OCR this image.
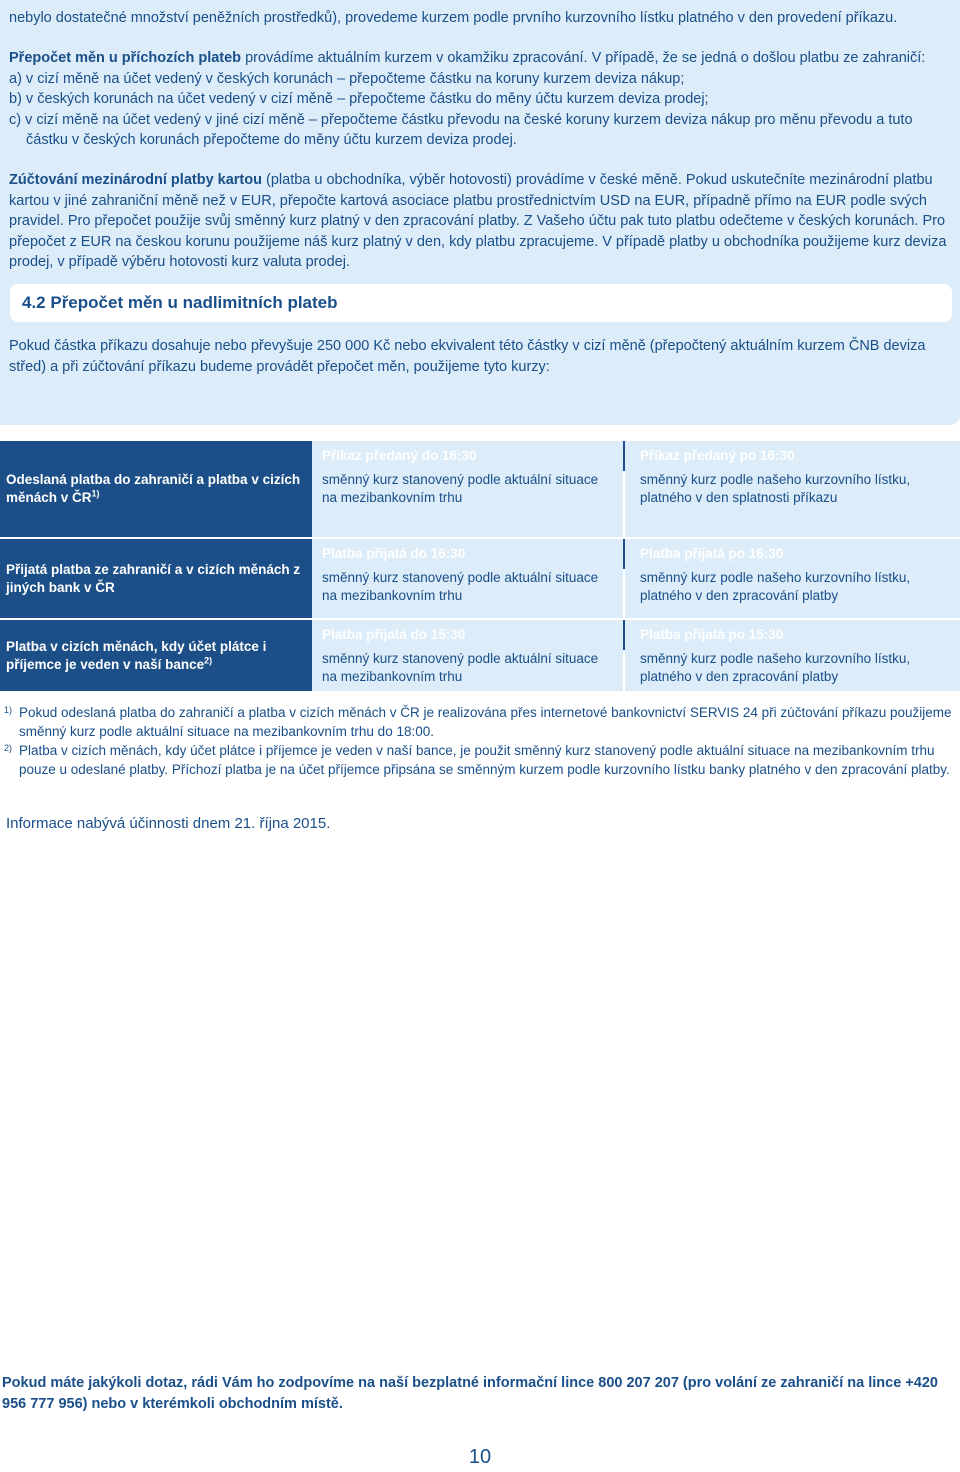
nebylo dostatečné množství peněžních prostředků), provedeme kurzem podle prvního kurzovního lístku platného v den provedení příkazu.

Přepočet měn u příchozích plateb provádíme aktuálním kurzem v okamžiku zpracování. V případě, že se jedná o došlou platbu ze zahraničí:

a) v cizí měně na účet vedený v českých korunách – přepočteme částku na koruny kurzem deviza nákup;

b) v českých korunách na účet vedený v cizí měně – přepočteme částku do měny účtu kurzem deviza prodej;

c) v cizí měně na účet vedený v jiné cizí měně – přepočteme částku převodu na české koruny kurzem deviza nákup pro měnu převodu a tuto částku v českých korunách přepočteme do měny účtu kurzem deviza prodej.

Zúčtování mezinárodní platby kartou (platba u obchodníka, výběr hotovosti) provádíme v české měně. Pokud uskutečníte mezinárodní platbu kartou v jiné zahraniční měně než v EUR, přepočte kartová asociace platbu prostřednictvím USD na EUR, případně přímo na EUR podle svých pravidel. Pro přepočet použije svůj směnný kurz platný v den zpracování platby. Z Vašeho účtu pak tuto platbu odečteme v českých korunách. Pro přepočet z EUR na českou korunu použijeme náš kurz platný v den, kdy platbu zpracujeme. V případě platby u obchodníka použijeme kurz deviza prodej, v případě výběru hotovosti kurz valuta prodej.

4.2 Přepočet měn u nadlimitních plateb

Pokud částka příkazu dosahuje nebo převyšuje 250 000 Kč nebo ekvivalent této částky v cizí měně (přepočtený aktuálním kurzem ČNB deviza střed) a při zúčtování příkazu budeme provádět přepočet měn, použijeme tyto kurzy:

Odeslaná platba do zahraničí a platba v cizích měnách v ČR$^{1)}$
Příkaz předaný do 16:30
směnný kurz stanovený podle aktuální situace na mezibankovním trhu
Příkaz předaný po 16:30
směnný kurz podle našeho kurzovního lístku, platného v den splatnosti příkazu
Přijatá platba ze zahraničí a v cizích měnách z jiných bank v ČR
Platba přijatá do 16:30
směnný kurz stanovený podle aktuální situace na mezibankovním trhu
Platba přijatá po 16:30
směnný kurz podle našeho kurzovního lístku, platného v den zpracování platby
Platba v cizích měnách, kdy účet plátce i příjemce je veden v naší bance$^{2)}$
Platba přijatá do 15:30
směnný kurz stanovený podle aktuální situace na mezibankovním trhu
Platba přijatá po 15:30
směnný kurz podle našeho kurzovního lístku, platného v den zpracování platby
1) Pokud odeslaná platba do zahraničí a platba v cizích měnách v ČR je realizována přes internetové bankovnictví SERVIS 24 při zúčtování příkazu použijeme směnný kurz podle aktuální situace na mezibankovním trhu do 18:00.
2) Platba v cizích měnách, kdy účet plátce i příjemce je veden v naší bance, je použit směnný kurz stanovený podle aktuální situace na mezibankovním trhu pouze u odeslané platby. Příchozí platba je na účet příjemce připsána se směnným kurzem podle kurzovního lístku banky platného v den zpracování platby.
Informace nabývá účinnosti dnem 21. října 2015.
Pokud máte jakýkoli dotaz, rádi Vám ho zodpovíme na naší bezplatné informační lince 800 207 207 (pro volání ze zahraničí na lince +420 956 777 956) nebo v kterémkoli obchodním místě.
10
